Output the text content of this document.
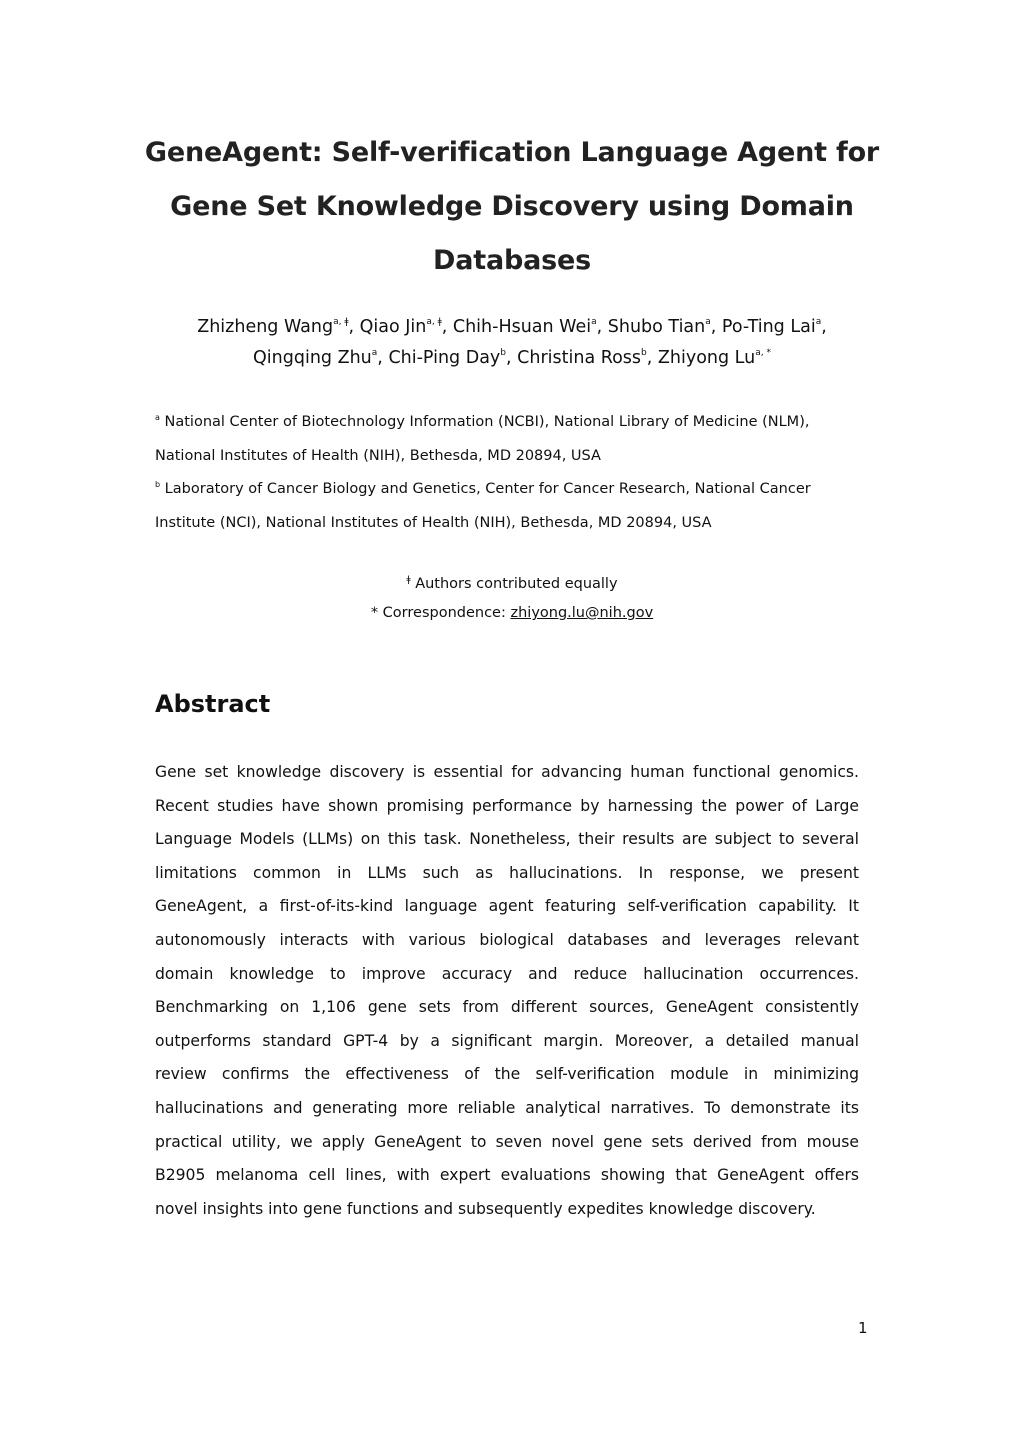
GeneAgent: Self-verification Language Agent for
Gene Set Knowledge Discovery using Domain
Databases
Zhizheng Wang$^{a, ǂ}$, Qiao Jin$^{a, ǂ}$, Chih-Hsuan Wei$^a$, Shubo Tian$^a$, Po-Ting Lai$^a$,
Qingqing Zhu$^a$, Chi-Ping Day$^b$, Christina Ross$^b$, Zhiyong $Lu^{a, *}$
$^a$ National Center of Biotechnology Information (NCBI), National Library of Medicine (NLM),
National Institutes of Health (NIH), Bethesda, MD 20894, USA
$^b$ Laboratory of Cancer Biology and Genetics, Center for Cancer Research, National Cancer
Institute (NCI), National Institutes of Health (NIH), Bethesda, MD 20894, USA
$^ǂ$ Authors contributed equally
* Correspondence: zhiyong.lu@nih.gov
Abstract
Gene set knowledge discovery is essential for advancing human functional genomics.
Recent studies have shown promising performance by harnessing the power of Large
Language Models (LLMs) on this task. Nonetheless, their results are subject to several
limitations common in LLMs such as hallucinations. In response, we present
GeneAgent, a first-of-its-kind language agent featuring self-verification capability. It
autonomously interacts with various biological databases and leverages relevant
domain knowledge to improve accuracy and reduce hallucination occurrences.
Benchmarking on 1,106 gene sets from different sources, GeneAgent consistently
outperforms standard GPT-4 by a significant margin. Moreover, a detailed manual
review confirms the effectiveness of the self-verification module in minimizing
hallucinations and generating more reliable analytical narratives. To demonstrate its
practical utility, we apply GeneAgent to seven novel gene sets derived from mouse
B2905 melanoma cell lines, with expert evaluations showing that GeneAgent offers
novel insights into gene functions and subsequently expedites knowledge discovery.
1
